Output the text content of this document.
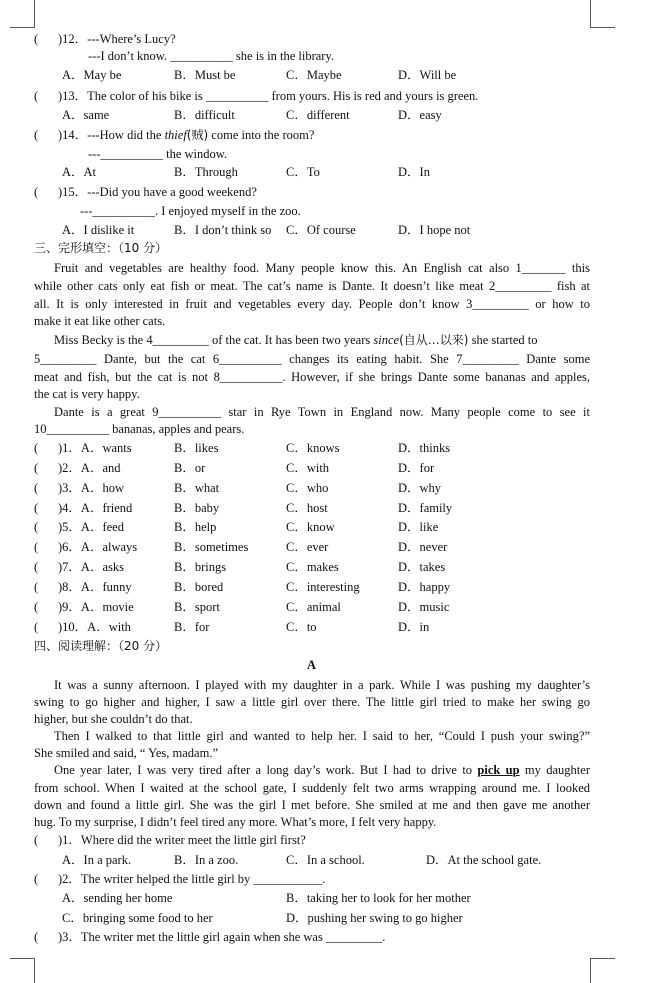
( )12．---Where’s Lucy?
---I don’t know. __________ she is in the library.
A．May be	B．Must be	C．Maybe	D．Will be
( )13．The color of his bike is __________ from yours. His is red and yours is green.
A．same	B．difficult	C．different	D．easy
( )14．---How did the thief(贼) come into the room?
---__________ the window.
A．At	B．Through	C．To	D．In
( )15．---Did you have a good weekend?
---__________. I enjoyed myself in the zoo.
A．I dislike it	B．I don’t think so C．Of course	D．I hope not
三、完形填空：（10 分）
Fruit and vegetables are healthy food. Many people know this. An English cat also 1_______ this
while other cats only eat fish or meat. The cat’s name is Dante. It doesn’t like meat 2_________ fish at
all. It is only interested in fruit and vegetables every day. People don’t know 3_________ or how to
make it eat like other cats.
Miss Becky is the 4_________ of the cat. It has been two years since(自从…以来) she started to
5_________ Dante, but the cat 6__________ changes its eating habit. She 7_________ Dante some
meat and fish, but the cat is not 8__________. However, if she brings Dante some bananas and apples,
the cat is very happy.
Dante is a great 9__________ star in Rye Town in England now. Many people come to see it
10__________ bananas, apples and pears.
( )1．A．wants	B．likes	C．knows	D．thinks
( )2．A．and	B．or	C．with	D．for
( )3．A．how	B．what	C．who	D．why
( )4．A．friend	B．baby	C．host	D．family
( )5．A．feed	B．help	C．know	D．like
( )6．A．always	B．sometimes	C．ever	D．never
( )7．A．asks	B．brings	C．makes	D．takes
( )8．A．funny	B．bored	C．interesting	D．happy
( )9．A．movie	B．sport	C．animal	D．music
( )10．A．with	B．for	C．to	D．in
四、阅读理解：（20 分）
A
It was a sunny afternoon. I played with my daughter in a park. While I was pushing my daughter’s
swing to go higher and higher, I saw a little girl over there. The little girl tried to make her swing go
higher, but she couldn’t do that.
Then I walked to that little girl and wanted to help her. I said to her, “Could I push your swing?”
She smiled and said, “ Yes, madam.”
One year later, I was very tired after a long day’s work. But I had to drive to pick up my daughter
from school. When I waited at the school gate, I suddenly felt two arms wrapping around me. I looked
down and found a little girl. She was the girl I met before. She smiled at me and then gave me another
hug. To my surprise, I didn’t feel tired any more. What’s more, I felt very happy.
( )1．Where did the writer meet the little girl first?
A．In a park.	B．In a zoo.	C．In a school.	D．At the school gate.
( )2．The writer helped the little girl by ___________.
A．sending her home	B．taking her to look for her mother
C．bringing some food to her	D．pushing her swing to go higher
( )3．The writer met the little girl again when she was _________.
